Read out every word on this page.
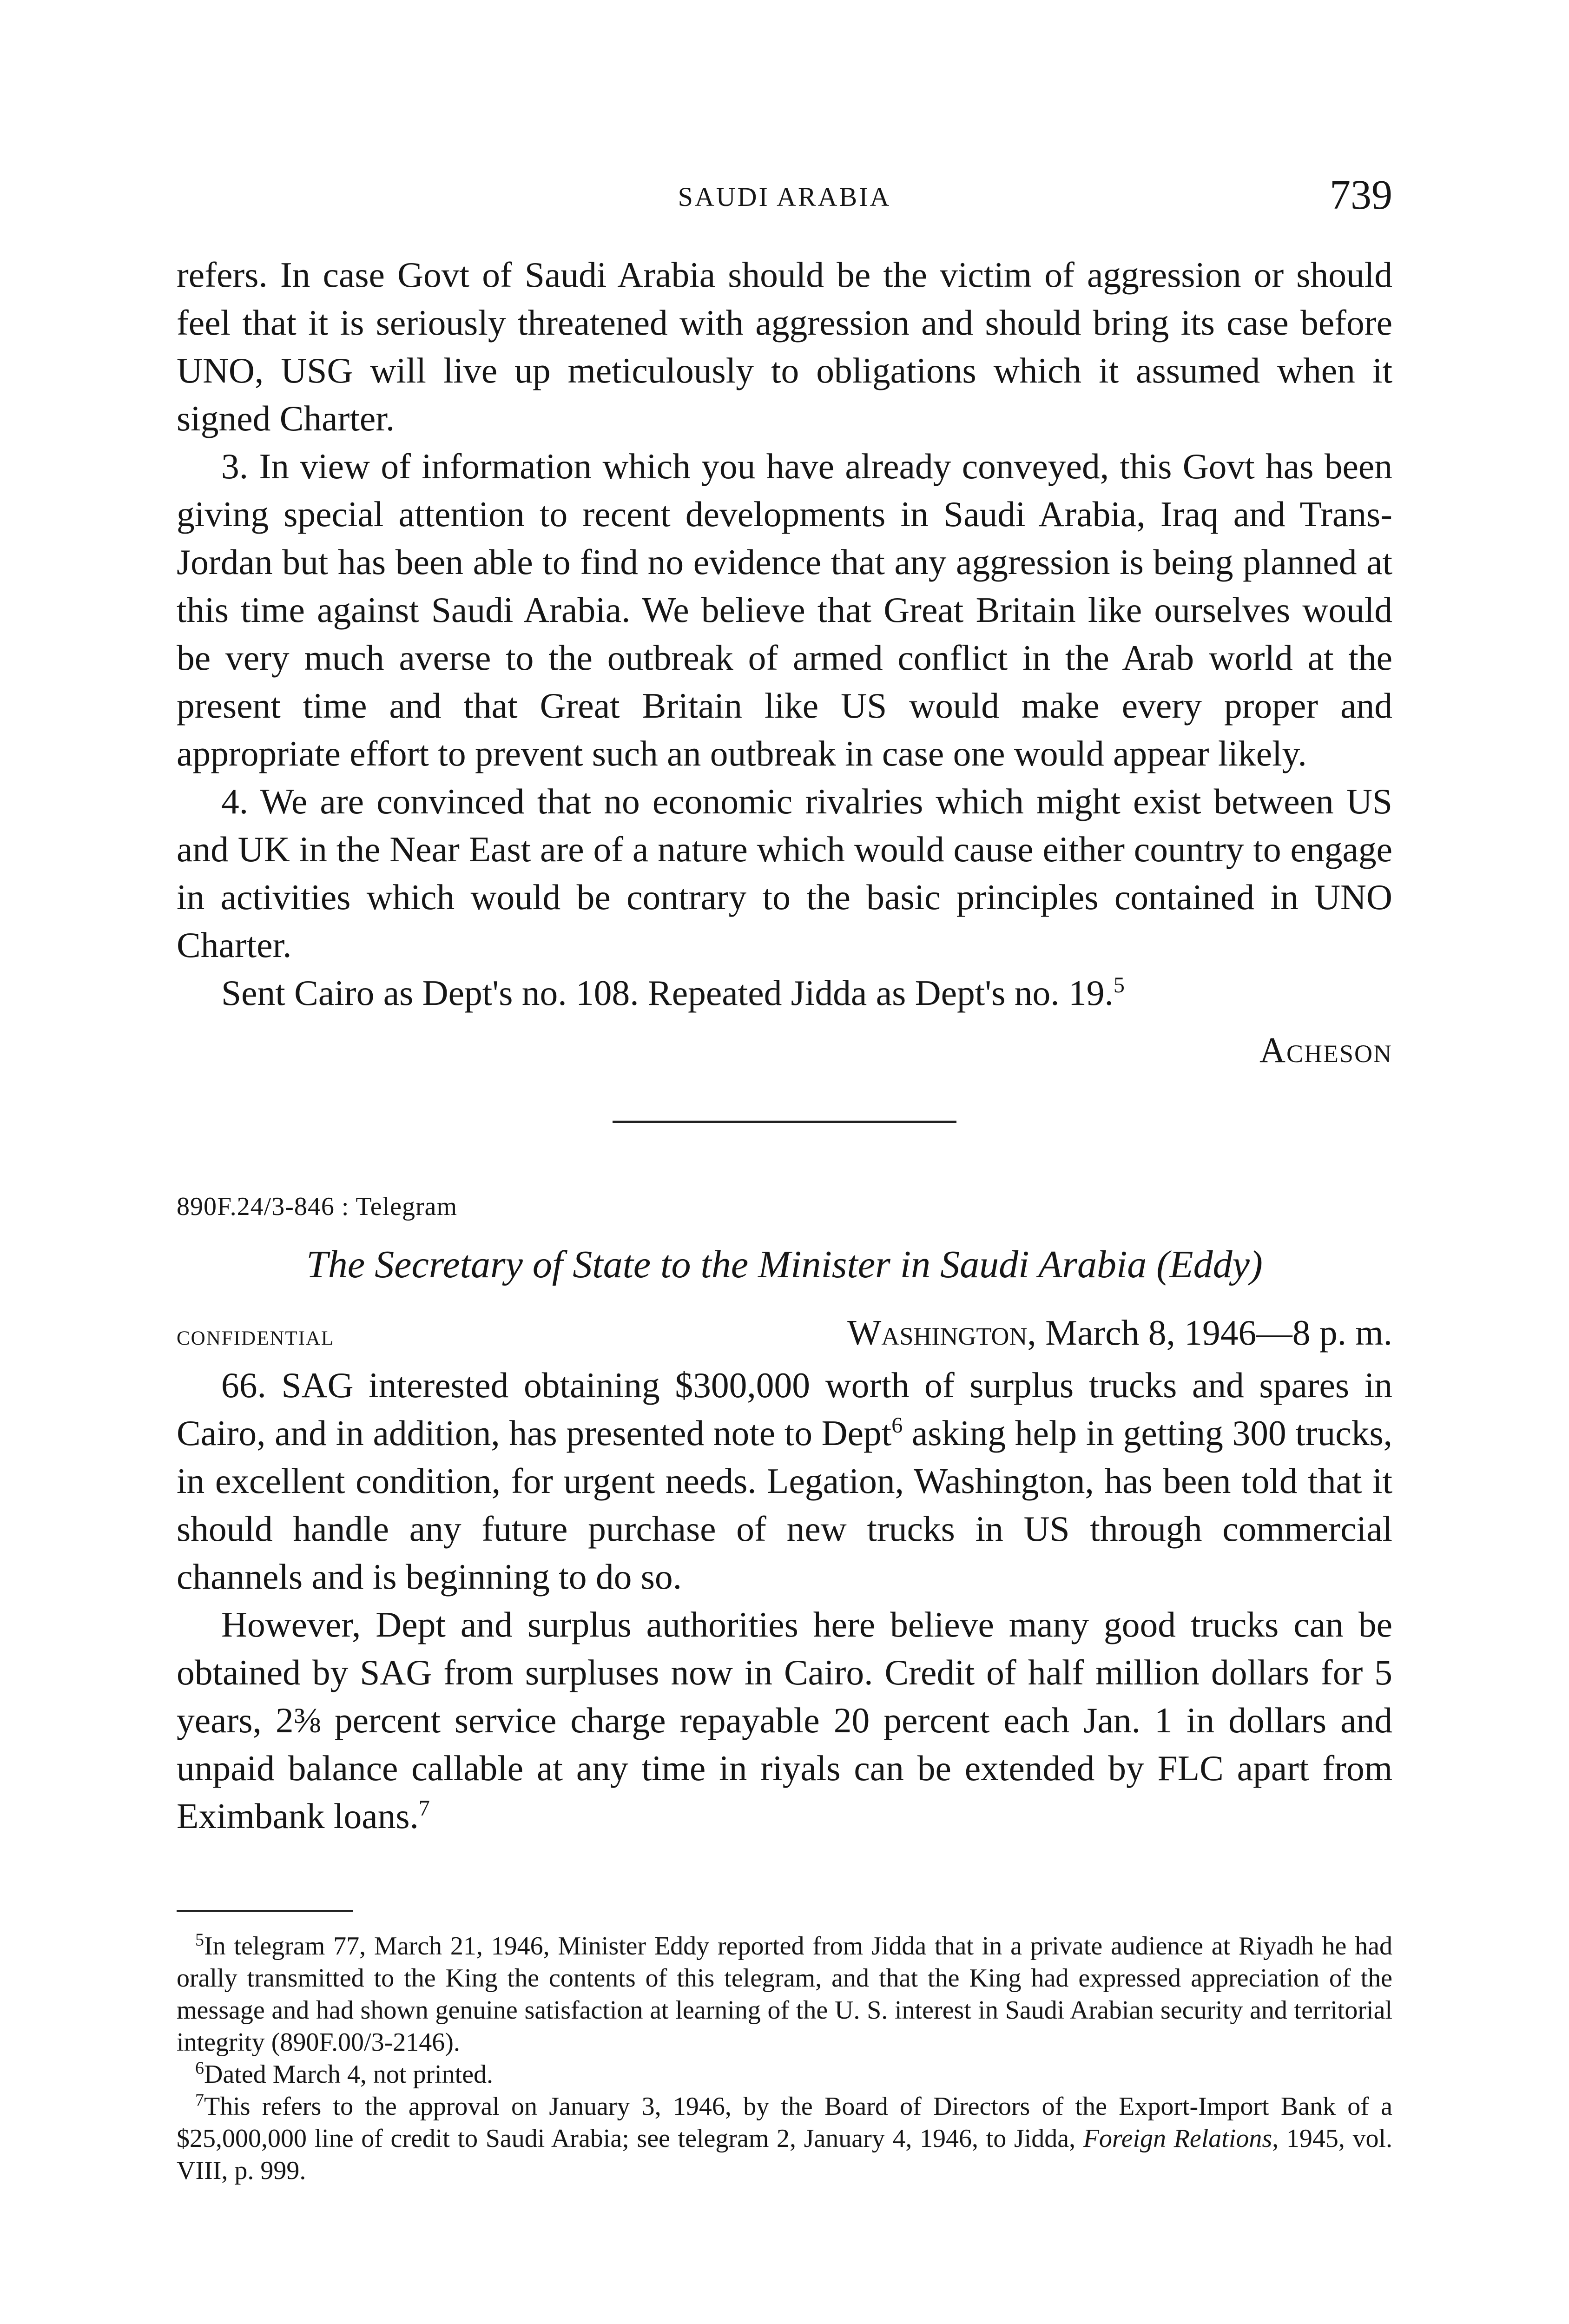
SAUDI ARABIA	739

refers. In case Govt of Saudi Arabia should be the victim of aggression or should feel that it is seriously threatened with aggression and should bring its case before UNO, USG will live up meticulously to obligations which it assumed when it signed Charter.

3. In view of information which you have already conveyed, this Govt has been giving special attention to recent developments in Saudi Arabia, Iraq and Trans-Jordan but has been able to find no evidence that any aggression is being planned at this time against Saudi Arabia. We believe that Great Britain like ourselves would be very much averse to the outbreak of armed conflict in the Arab world at the present time and that Great Britain like US would make every proper and appropriate effort to prevent such an outbreak in case one would appear likely.

4. We are convinced that no economic rivalries which might exist between US and UK in the Near East are of a nature which would cause either country to engage in activities which would be contrary to the basic principles contained in UNO Charter.

Sent Cairo as Dept's no. 108. Repeated Jidda as Dept's no. 19.$^5$

Acheson

890F.24/3-846 : Telegram

The Secretary of State to the Minister in Saudi Arabia (Eddy)

confidential	Washington, March 8, 1946—8 p. m.

66. SAG interested obtaining $300,000 worth of surplus trucks and spares in Cairo, and in addition, has presented note to Dept$^6$ asking help in getting 300 trucks, in excellent condition, for urgent needs. Legation, Washington, has been told that it should handle any future purchase of new trucks in US through commercial channels and is beginning to do so.

However, Dept and surplus authorities here believe many good trucks can be obtained by SAG from surpluses now in Cairo. Credit of half million dollars for 5 years, 2⅜ percent service charge repayable 20 percent each Jan. 1 in dollars and unpaid balance callable at any time in riyals can be extended by FLC apart from Eximbank loans.$^7$

$^5$In telegram 77, March 21, 1946, Minister Eddy reported from Jidda that in a private audience at Riyadh he had orally transmitted to the King the contents of this telegram, and that the King had expressed appreciation of the message and had shown genuine satisfaction at learning of the U. S. interest in Saudi Arabian security and territorial integrity (890F.00/3-2146).

$^6$Dated March 4, not printed.

$^7$This refers to the approval on January 3, 1946, by the Board of Directors of the Export-Import Bank of a $25,000,000 line of credit to Saudi Arabia; see telegram 2, January 4, 1946, to Jidda, Foreign Relations, 1945, vol. VIII, p. 999.
